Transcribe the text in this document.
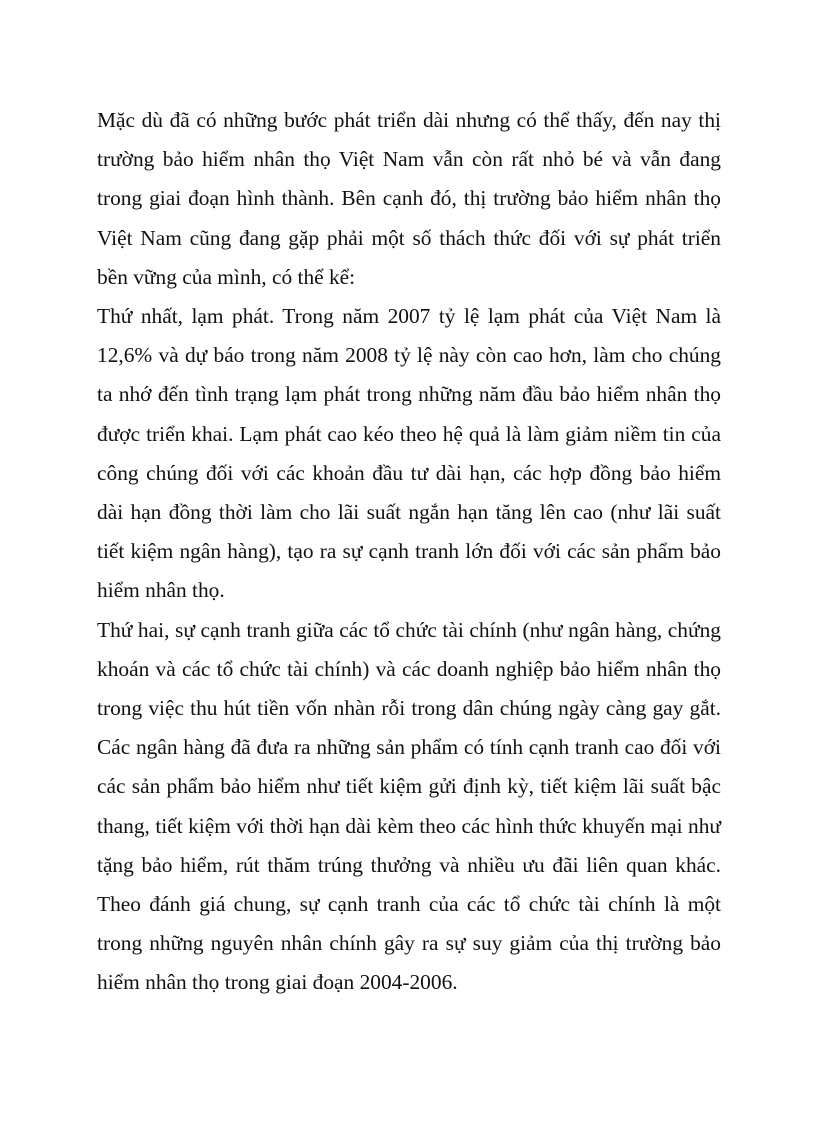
Mặc dù đã có những bước phát triển dài nhưng có thể thấy, đến nay thị trường bảo hiểm nhân thọ Việt Nam vẫn còn rất nhỏ bé và vẫn đang trong giai đoạn hình thành. Bên cạnh đó, thị trường bảo hiểm nhân thọ Việt Nam cũng đang gặp phải một số thách thức đối với sự phát triển bền vững của mình, có thể kể:

Thứ nhất, lạm phát. Trong năm 2007 tỷ lệ lạm phát của Việt Nam là 12,6% và dự báo trong năm 2008 tỷ lệ này còn cao hơn, làm cho chúng ta nhớ đến tình trạng lạm phát trong những năm đầu bảo hiểm nhân thọ được triển khai. Lạm phát cao kéo theo hệ quả là làm giảm niềm tin của công chúng đối với các khoản đầu tư dài hạn, các hợp đồng bảo hiểm dài hạn đồng thời làm cho lãi suất ngắn hạn tăng lên cao (như lãi suất tiết kiệm ngân hàng), tạo ra sự cạnh tranh lớn đối với các sản phẩm bảo hiểm nhân thọ.

Thứ hai, sự cạnh tranh giữa các tổ chức tài chính (như ngân hàng, chứng khoán và các tổ chức tài chính) và các doanh nghiệp bảo hiểm nhân thọ trong việc thu hút tiền vốn nhàn rỗi trong dân chúng ngày càng gay gắt. Các ngân hàng đã đưa ra những sản phẩm có tính cạnh tranh cao đối với các sản phẩm bảo hiểm như tiết kiệm gửi định kỳ, tiết kiệm lãi suất bậc thang, tiết kiệm với thời hạn dài kèm theo các hình thức khuyến mại như tặng bảo hiểm, rút thăm trúng thưởng và nhiều ưu đãi liên quan khác. Theo đánh giá chung, sự cạnh tranh của các tổ chức tài chính là một trong những nguyên nhân chính gây ra sự suy giảm của thị trường bảo hiểm nhân thọ trong giai đoạn 2004-2006.
